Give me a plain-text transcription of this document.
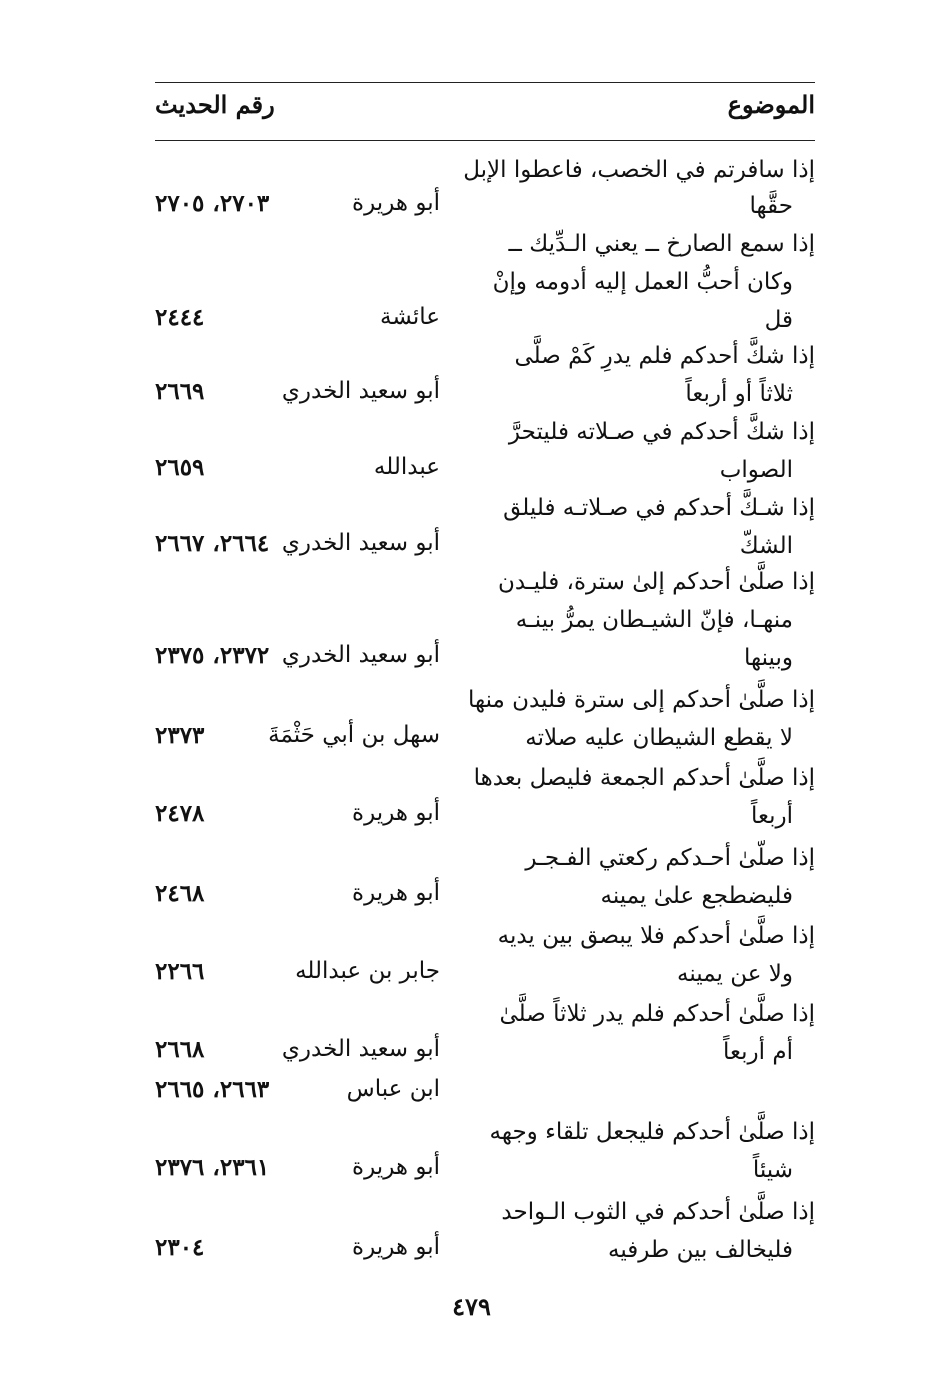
الموضوع
رقم الحديث
إذا سافرتم في الخصب، فاعطوا الإبل
حقَّها
أبو هريرة
٢٧٠٣، ٢٧٠٥
إذا سمع الصارخ ــ يعني الـدِّيك ــ
وكان أحبُّ العمل إليه أدومه وإنْ
قل
عائشة
٢٤٤٤
إذا شكَّ أحدكم فلم يدرِ كَمْ صلَّى
ثلاثاً أو أربعاً
أبو سعيد الخدري
٢٦٦٩
إذا شكَّ أحدكم في صـلاته فليتحرَّ
الصواب
عبدالله
٢٦٥٩
إذا شـكَّ أحدكم في صـلاتـه فليلق
الشكّ
أبو سعيد الخدري
٢٦٦٤، ٢٦٦٧
إذا صلَّىٰ أحدكم إلىٰ سترة، فليـدن
منهـا، فإنّ الشيـطان يمرُّ بينـه
وبينها
أبو سعيد الخدري
٢٣٧٢، ٢٣٧٥
إذا صلَّىٰ أحدكم إلى سترة فليدن منها
لا يقطع الشيطان عليه صلاته
سهل بن أبي حَثْمَةَ
٢٣٧٣
إذا صلَّىٰ أحدكم الجمعة فليصل بعدها
أربعاً
أبو هريرة
٢٤٧٨
إذا صلّىٰ أحـدكم ركعتي الفـجـر
فليضطجع علىٰ يمينه
أبو هريرة
٢٤٦٨
إذا صلَّىٰ أحدكم فلا يبصق بين يديه
ولا عن يمينه
جابر بن عبدالله
٢٢٦٦
إذا صلَّىٰ أحدكم فلم يدر ثلاثاً صلَّىٰ
أم أربعاً
أبو سعيد الخدري
٢٦٦٨
ابن عباس
٢٦٦٣، ٢٦٦٥
إذا صلَّىٰ أحدكم فليجعل تلقاء وجهه
شيئاً
أبو هريرة
٢٣٦١، ٢٣٧٦
إذا صلَّىٰ أحدكم في الثوب الـواحد
فليخالف بين طرفيه
أبو هريرة
٢٣٠٤
٤٧٩
